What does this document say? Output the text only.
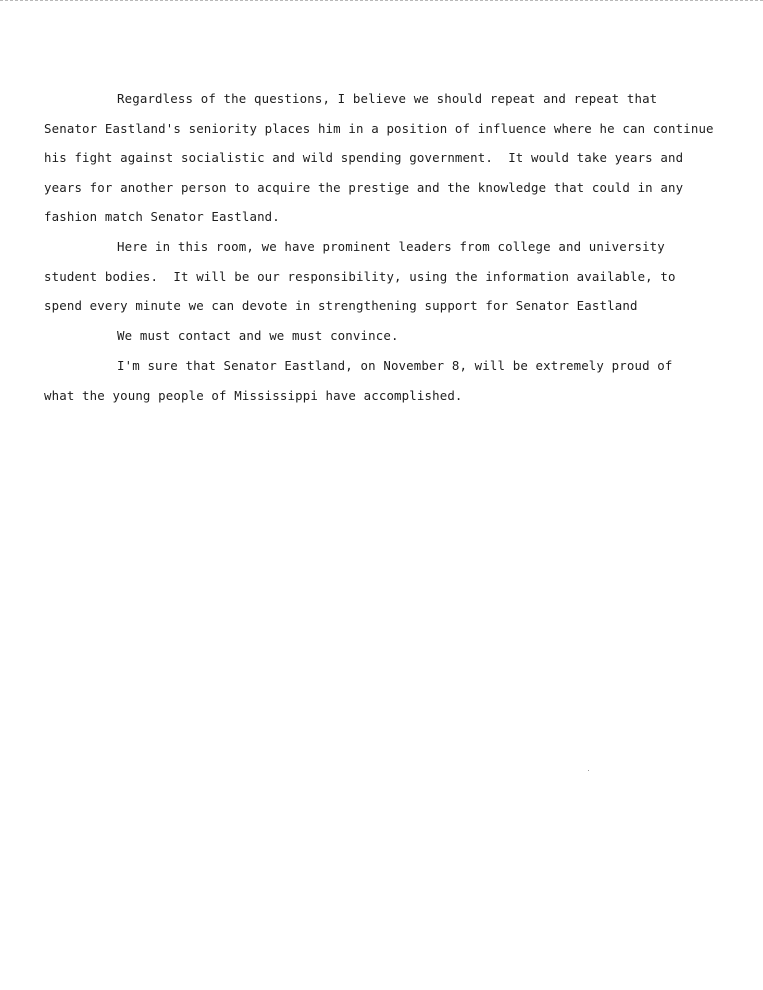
Regardless of the questions, I believe we should repeat and repeat that
Senator Eastland's seniority places him in a position of influence where he can continue
his fight against socialistic and wild spending government.  It would take years and
years for another person to acquire the prestige and the knowledge that could in any
fashion match Senator Eastland.
Here in this room, we have prominent leaders from college and university
student bodies.  It will be our responsibility, using the information available, to
spend every minute we can devote in strengthening support for Senator Eastland
We must contact and we must convince.
I'm sure that Senator Eastland, on November 8, will be extremely proud of
what the young people of Mississippi have accomplished.
